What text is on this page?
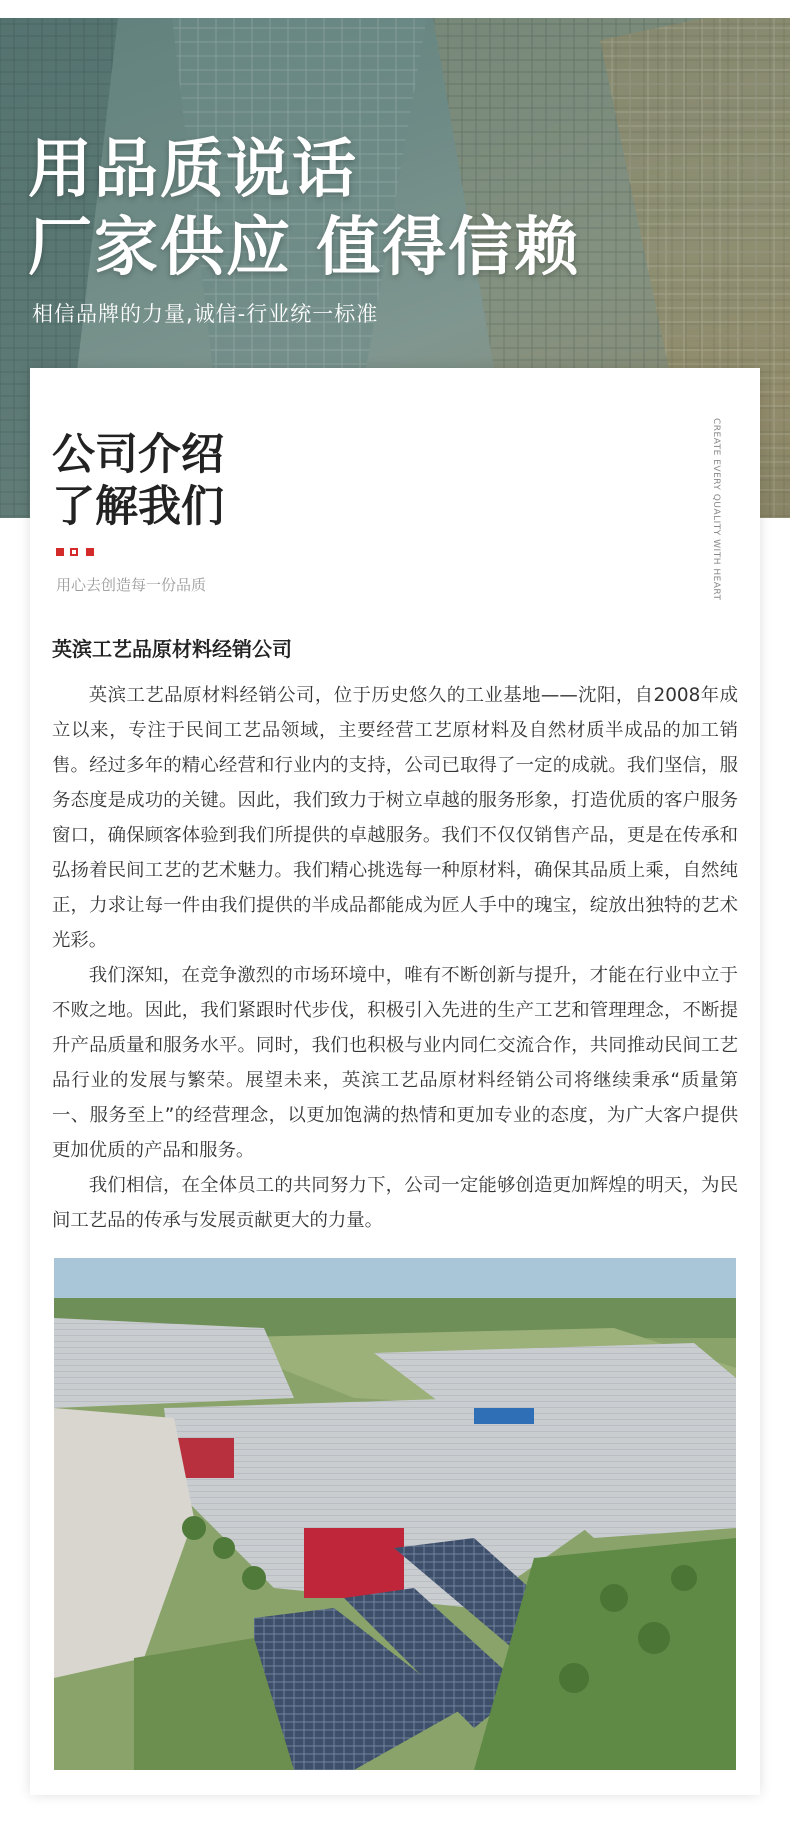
用品质说话
厂家供应 值得信赖
相信品牌的力量,诚信-行业统一标准
公司介绍
了解我们
用心去创造每一份品质	CREATE EVERY QUALITY WITH HEART
英滨工艺品原材料经销公司

英滨工艺品原材料经销公司，位于历史悠久的工业基地——沈阳，自2008年成立以来，专注于民间工艺品领域，主要经营工艺原材料及自然材质半成品的加工销售。经过多年的精心经营和行业内的支持，公司已取得了一定的成就。我们坚信，服务态度是成功的关键。因此，我们致力于树立卓越的服务形象，打造优质的客户服务窗口，确保顾客体验到我们所提供的卓越服务。我们不仅仅销售产品，更是在传承和弘扬着民间工艺的艺术魅力。我们精心挑选每一种原材料，确保其品质上乘，自然纯正，力求让每一件由我们提供的半成品都能成为匠人手中的瑰宝，绽放出独特的艺术光彩。

我们深知，在竞争激烈的市场环境中，唯有不断创新与提升，才能在行业中立于不败之地。因此，我们紧跟时代步伐，积极引入先进的生产工艺和管理理念，不断提升产品质量和服务水平。同时，我们也积极与业内同仁交流合作，共同推动民间工艺品行业的发展与繁荣。展望未来，英滨工艺品原材料经销公司将继续秉承“质量第一、服务至上”的经营理念，以更加饱满的热情和更加专业的态度，为广大客户提供更加优质的产品和服务。

我们相信，在全体员工的共同努力下，公司一定能够创造更加辉煌的明天，为民间工艺品的传承与发展贡献更大的力量。
